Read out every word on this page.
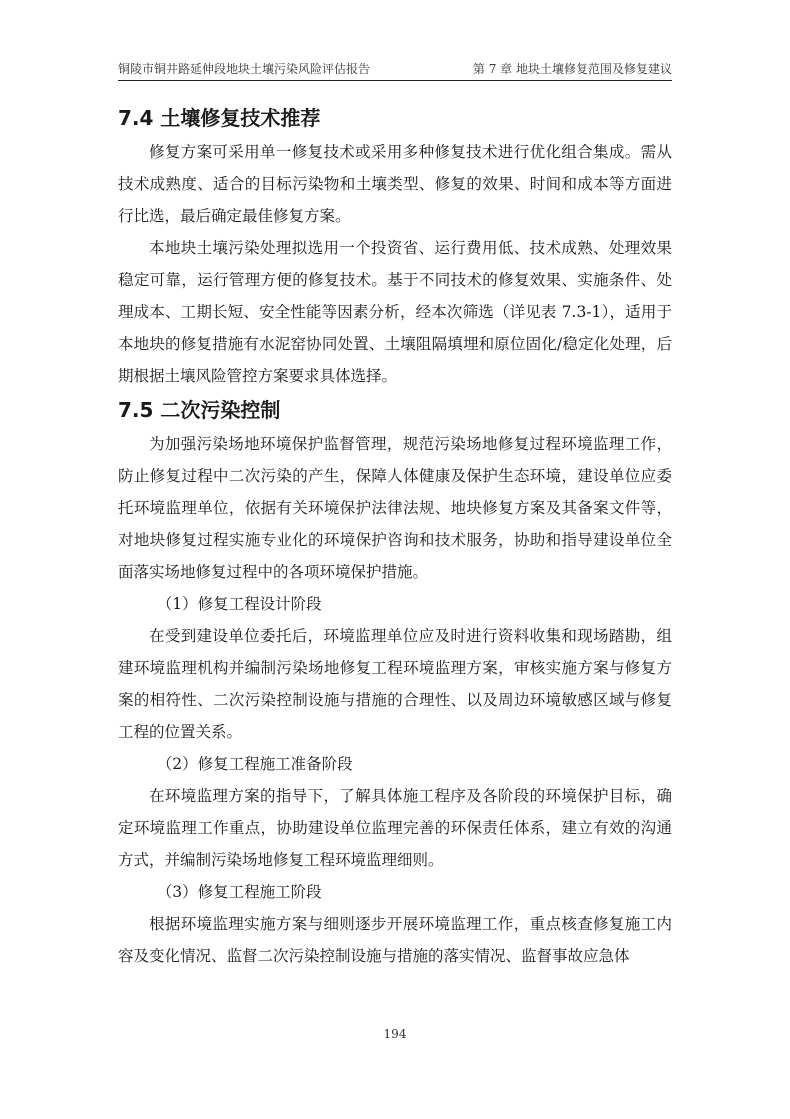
铜陵市铜井路延伸段地块土壤污染风险评估报告	第 7 章 地块土壤修复范围及修复建议
7.4 土壤修复技术推荐

修复方案可采用单一修复技术或采用多种修复技术进行优化组合集成。需从技术成熟度、适合的目标污染物和土壤类型、修复的效果、时间和成本等方面进行比选，最后确定最佳修复方案。

本地块土壤污染处理拟选用一个投资省、运行费用低、技术成熟、处理效果稳定可靠，运行管理方便的修复技术。基于不同技术的修复效果、实施条件、处理成本、工期长短、安全性能等因素分析，经本次筛选（详见表 7.3-1），适用于本地块的修复措施有水泥窑协同处置、土壤阻隔填埋和原位固化/稳定化处理，后期根据土壤风险管控方案要求具体选择。

7.5 二次污染控制

为加强污染场地环境保护监督管理，规范污染场地修复过程环境监理工作，防止修复过程中二次污染的产生，保障人体健康及保护生态环境，建设单位应委托环境监理单位，依据有关环境保护法律法规、地块修复方案及其备案文件等，对地块修复过程实施专业化的环境保护咨询和技术服务，协助和指导建设单位全面落实场地修复过程中的各项环境保护措施。

（1）修复工程设计阶段

在受到建设单位委托后，环境监理单位应及时进行资料收集和现场踏勘，组建环境监理机构并编制污染场地修复工程环境监理方案，审核实施方案与修复方案的相符性、二次污染控制设施与措施的合理性、以及周边环境敏感区域与修复工程的位置关系。

（2）修复工程施工准备阶段

在环境监理方案的指导下，了解具体施工程序及各阶段的环境保护目标，确定环境监理工作重点，协助建设单位监理完善的环保责任体系，建立有效的沟通方式，并编制污染场地修复工程环境监理细则。

（3）修复工程施工阶段

根据环境监理实施方案与细则逐步开展环境监理工作，重点核查修复施工内容及变化情况、监督二次污染控制设施与措施的落实情况、监督事故应急体

194
